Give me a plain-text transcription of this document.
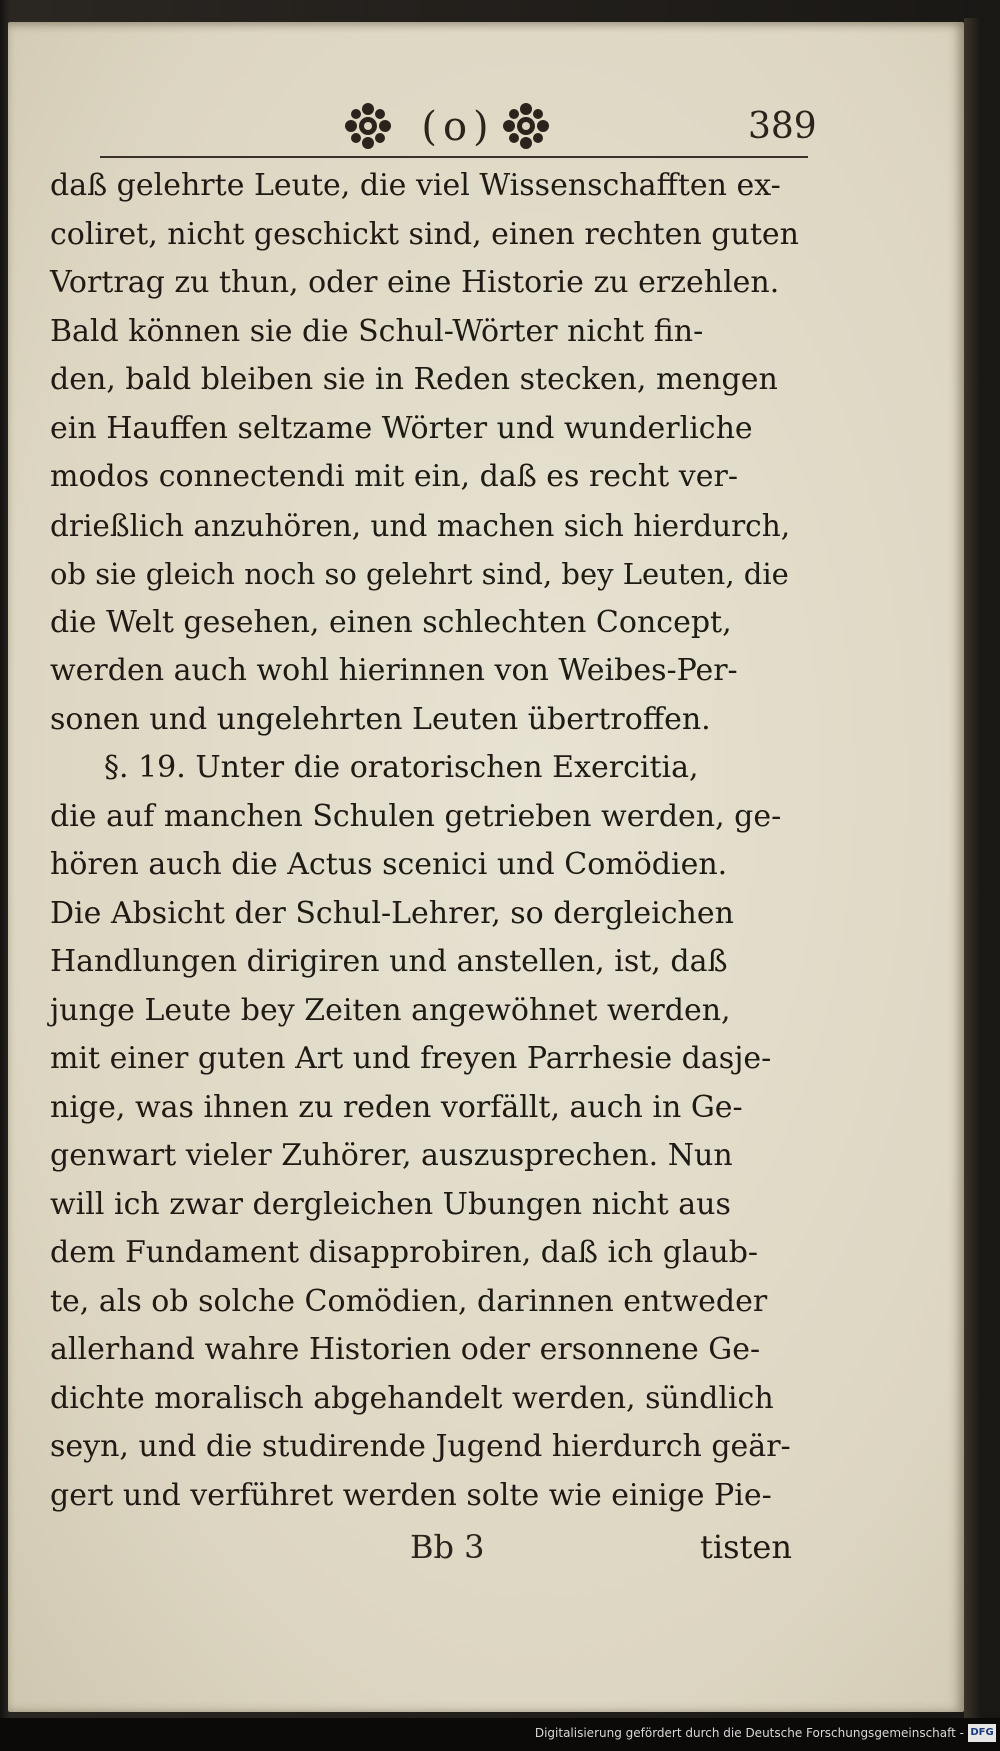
(o)	389
daß gelehrte Leute, die viel Wissenschafften ex-
coliret, nicht geschickt sind, einen rechten guten
Vortrag zu thun, oder eine Historie zu erzehlen.
Bald können sie die Schul-Wörter nicht fin-
den, bald bleiben sie in Reden stecken, mengen
ein Hauffen seltzame Wörter und wunderliche
modos connectendi mit ein, daß es recht ver-
drießlich anzuhören, und machen sich hierdurch,
ob sie gleich noch so gelehrt sind, bey Leuten, die
die Welt gesehen, einen schlechten Concept,
werden auch wohl hierinnen von Weibes-Per-
sonen und ungelehrten Leuten übertroffen.
§. 19. Unter die oratorischen Exercitia,
die auf manchen Schulen getrieben werden, ge-
hören auch die Actus scenici und Comödien.
Die Absicht der Schul-Lehrer, so dergleichen
Handlungen dirigiren und anstellen, ist, daß
junge Leute bey Zeiten angewöhnet werden,
mit einer guten Art und freyen Parrhesie dasje-
nige, was ihnen zu reden vorfällt, auch in Ge-
genwart vieler Zuhörer, auszusprechen. Nun
will ich zwar dergleichen Ubungen nicht aus
dem Fundament disapprobiren, daß ich glaub-
te, als ob solche Comödien, darinnen entweder
allerhand wahre Historien oder ersonnene Ge-
dichte moralisch abgehandelt werden, sündlich
seyn, und die studirende Jugend hierdurch geär-
gert und verführet werden solte wie einige Pie-
Bb 3	tisten
Digitalisierung gefördert durch die Deutsche Forschungsgemeinschaft - DFG
